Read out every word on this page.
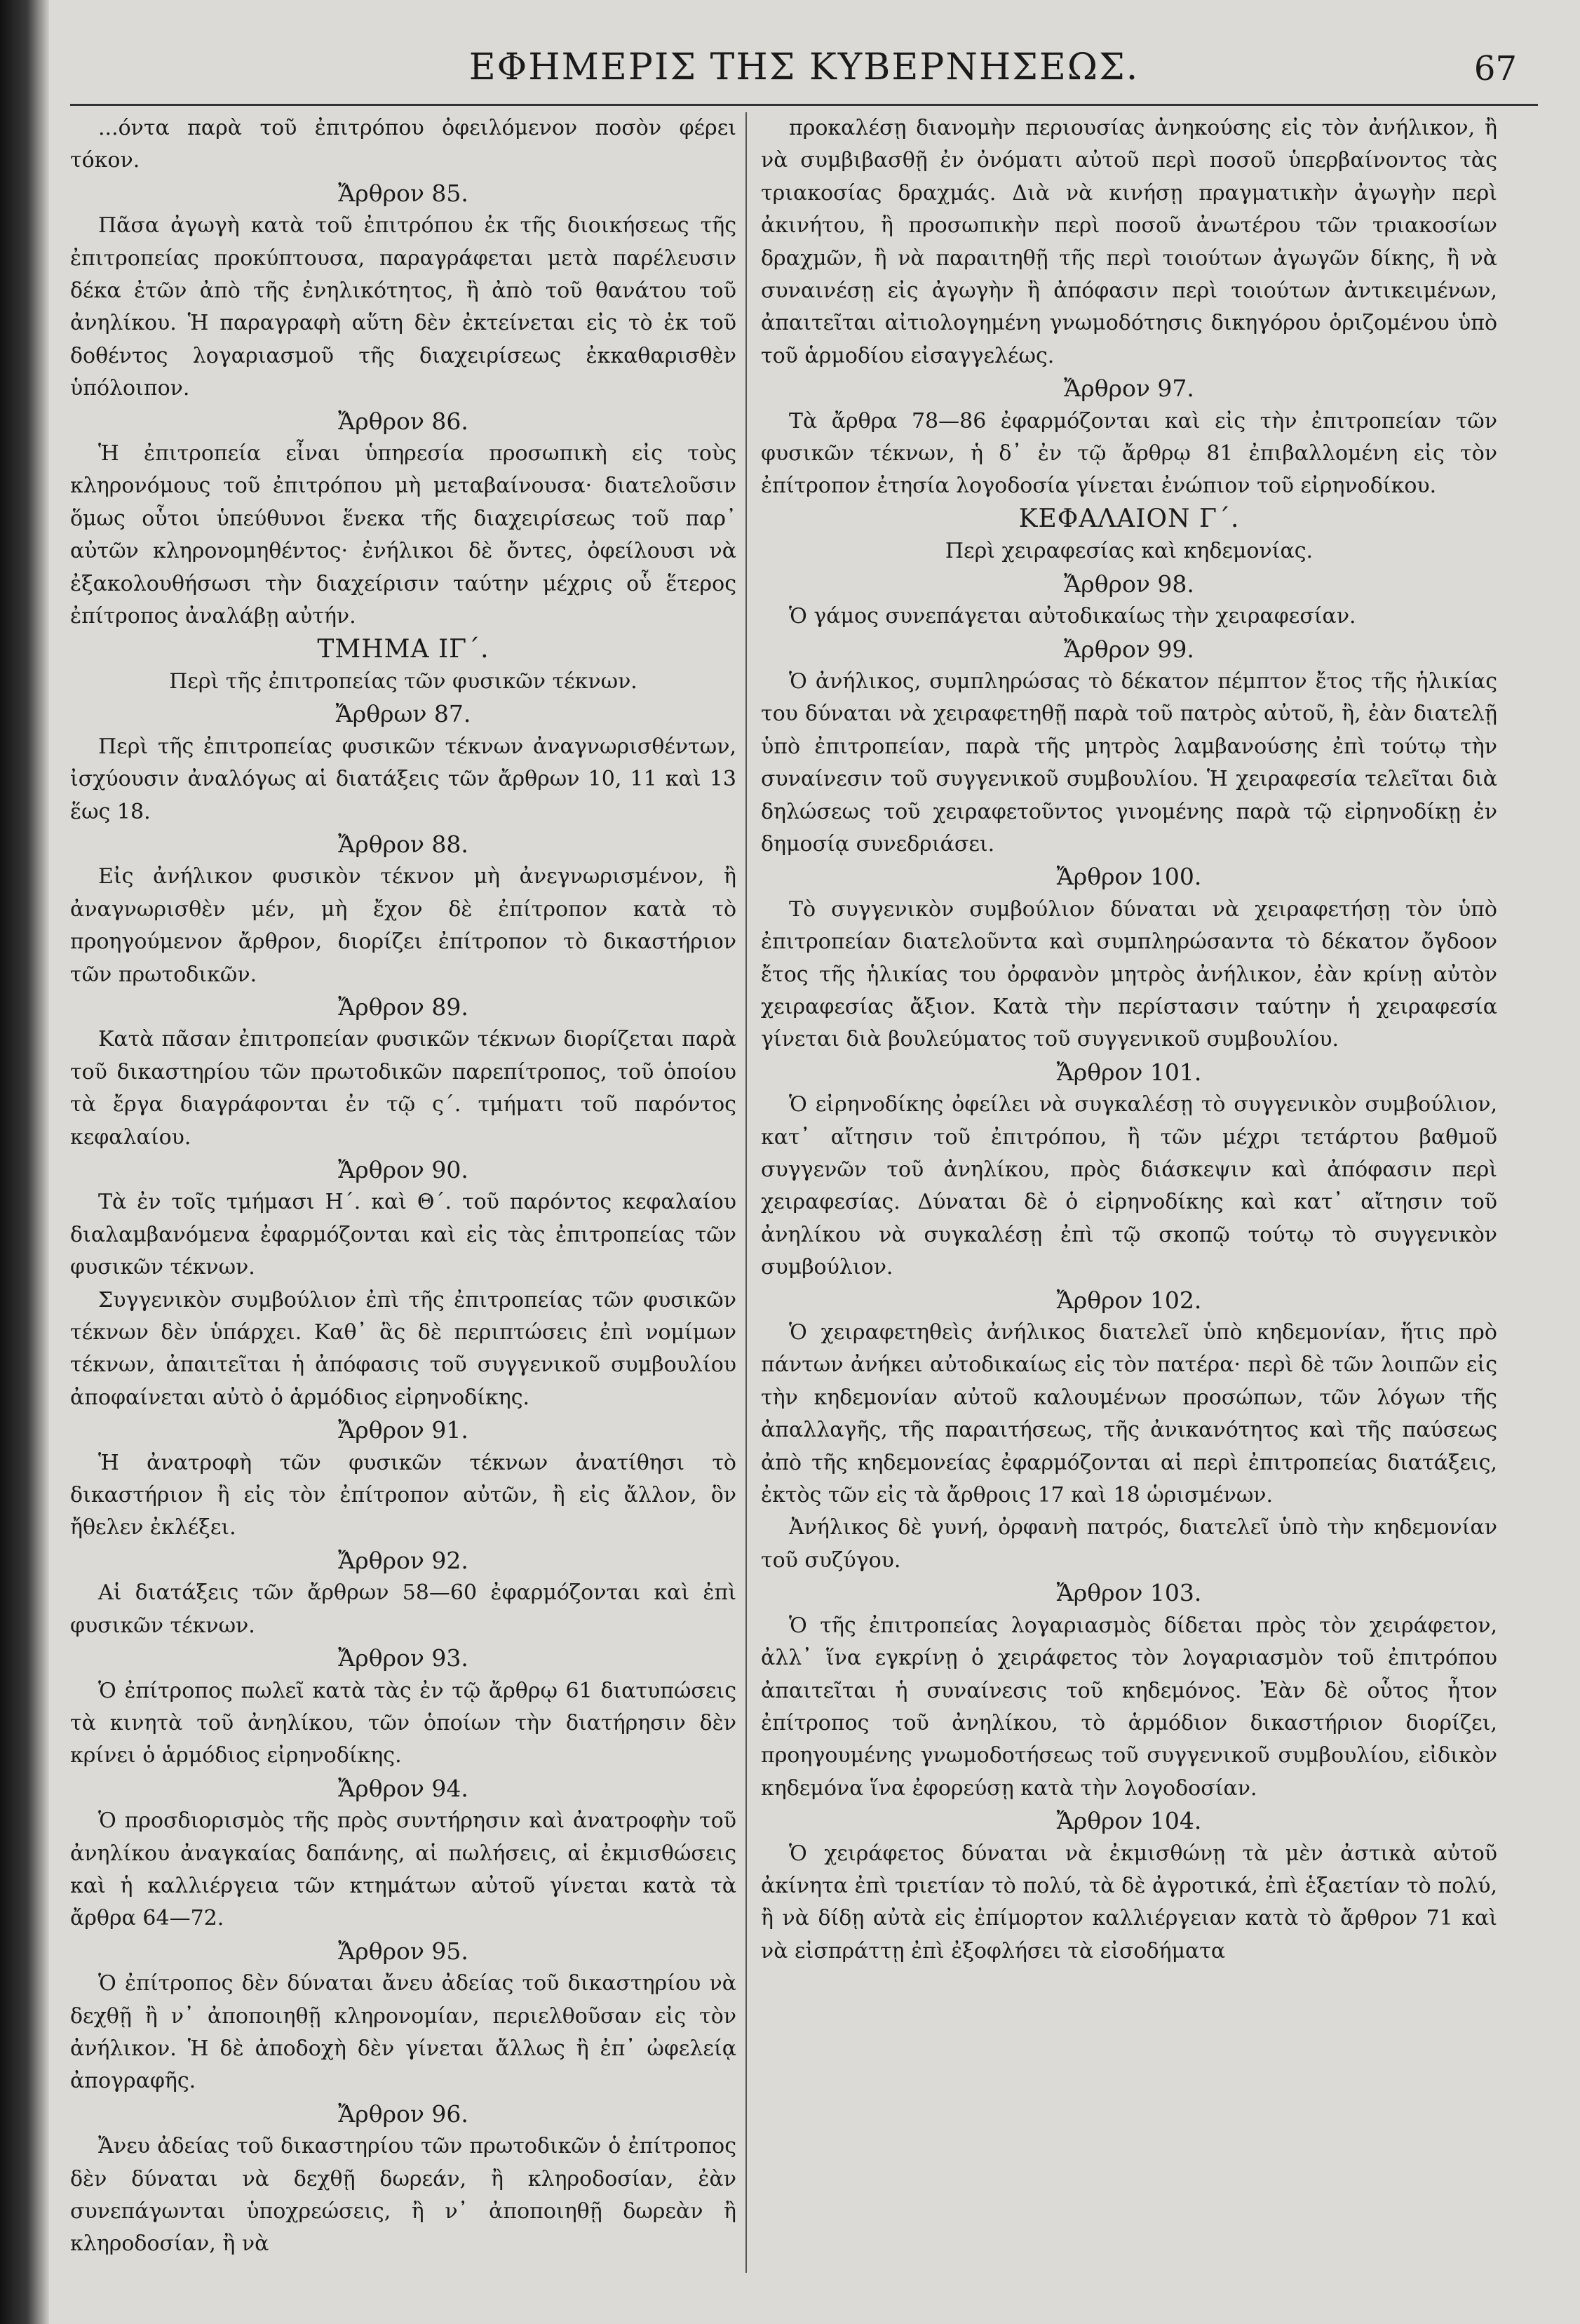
ΕΦΗΜΕΡΙΣ ΤΗΣ ΚΥΒΕΡΝΗΣΕΩΣ.	67

...όντα παρὰ τοῦ ἐπιτρόπου ὀφειλόμενον ποσὸν φέρει τόκον.

Ἄρθρον 85.

Πᾶσα ἀγωγὴ κατὰ τοῦ ἐπιτρόπου ἐκ τῆς διοικήσεως τῆς ἐπιτροπείας προκύπτουσα, παραγράφεται μετὰ παρέλευσιν δέκα ἐτῶν ἀπὸ τῆς ἐνηλικότητος, ἢ ἀπὸ τοῦ θανάτου τοῦ ἀνηλίκου. Ἡ παραγραφὴ αὕτη δὲν ἐκτείνεται εἰς τὸ ἐκ τοῦ δοθέντος λογαριασμοῦ τῆς διαχειρίσεως ἐκκαθαρισθὲν ὑπόλοιπον.

Ἄρθρον 86.

Ἡ ἐπιτροπεία εἶναι ὑπηρεσία προσωπικὴ εἰς τοὺς κληρονόμους τοῦ ἐπιτρόπου μὴ μεταβαίνουσα· διατελοῦσιν ὅμως οὗτοι ὑπεύθυνοι ἕνεκα τῆς διαχειρίσεως τοῦ παρ᾽ αὐτῶν κληρονομηθέντος· ἐνήλικοι δὲ ὄντες, ὀφείλουσι νὰ ἐξακολουθήσωσι τὴν διαχείρισιν ταύτην μέχρις οὗ ἕτερος ἐπίτροπος ἀναλάβῃ αὐτήν.

ΤΜΗΜΑ ΙΓ΄.

Περὶ τῆς ἐπιτροπείας τῶν φυσικῶν τέκνων.

Ἄρθρων 87.

Περὶ τῆς ἐπιτροπείας φυσικῶν τέκνων ἀναγνωρισθέντων, ἰσχύουσιν ἀναλόγως αἱ διατάξεις τῶν ἄρθρων 10, 11 καὶ 13 ἕως 18.

Ἄρθρον 88.

Εἰς ἀνήλικον φυσικὸν τέκνον μὴ ἀνεγνωρισμένον, ἢ ἀναγνωρισθὲν μέν, μὴ ἔχον δὲ ἐπίτροπον κατὰ τὸ προηγούμενον ἄρθρον, διορίζει ἐπίτροπον τὸ δικαστήριον τῶν πρωτοδικῶν.

Ἄρθρον 89.

Κατὰ πᾶσαν ἐπιτροπείαν φυσικῶν τέκνων διορίζεται παρὰ τοῦ δικαστηρίου τῶν πρωτοδικῶν παρεπίτροπος, τοῦ ὁποίου τὰ ἔργα διαγράφονται ἐν τῷ ς΄. τμήματι τοῦ παρόντος κεφαλαίου.

Ἄρθρον 90.

Τὰ ἐν τοῖς τμήμασι Η΄. καὶ Θ΄. τοῦ παρόντος κεφαλαίου διαλαμβανόμενα ἐφαρμόζονται καὶ εἰς τὰς ἐπιτροπείας τῶν φυσικῶν τέκνων.

Συγγενικὸν συμβούλιον ἐπὶ τῆς ἐπιτροπείας τῶν φυσικῶν τέκνων δὲν ὑπάρχει. Καθ᾽ ἃς δὲ περιπτώσεις ἐπὶ νομίμων τέκνων, ἀπαιτεῖται ἡ ἀπόφασις τοῦ συγγενικοῦ συμβουλίου ἀποφαίνεται αὐτὸ ὁ ἁρμόδιος εἰρηνοδίκης.

Ἄρθρον 91.

Ἡ ἀνατροφὴ τῶν φυσικῶν τέκνων ἀνατίθησι τὸ δικαστήριον ἢ εἰς τὸν ἐπίτροπον αὐτῶν, ἢ εἰς ἄλλον, ὃν ἤθελεν ἐκλέξει.

Ἄρθρον 92.

Αἱ διατάξεις τῶν ἄρθρων 58—60 ἐφαρμόζονται καὶ ἐπὶ φυσικῶν τέκνων.

Ἄρθρον 93.

Ὁ ἐπίτροπος πωλεῖ κατὰ τὰς ἐν τῷ ἄρθρῳ 61 διατυπώσεις τὰ κινητὰ τοῦ ἀνηλίκου, τῶν ὁποίων τὴν διατήρησιν δὲν κρίνει ὁ ἁρμόδιος εἰρηνοδίκης.

Ἄρθρον 94.

Ὁ προσδιορισμὸς τῆς πρὸς συντήρησιν καὶ ἀνατροφὴν τοῦ ἀνηλίκου ἀναγκαίας δαπάνης, αἱ πωλήσεις, αἱ ἐκμισθώσεις καὶ ἡ καλλιέργεια τῶν κτημάτων αὐτοῦ γίνεται κατὰ τὰ ἄρθρα 64—72.

Ἄρθρον 95.

Ὁ ἐπίτροπος δὲν δύναται ἄνευ ἀδείας τοῦ δικαστηρίου νὰ δεχθῇ ἢ ν᾽ ἀποποιηθῇ κληρονομίαν, περιελθοῦσαν εἰς τὸν ἀνήλικον. Ἡ δὲ ἀποδοχὴ δὲν γίνεται ἄλλως ἢ ἐπ᾽ ὠφελείᾳ ἀπογραφῆς.

Ἄρθρον 96.

Ἄνευ ἀδείας τοῦ δικαστηρίου τῶν πρωτοδικῶν ὁ ἐπίτροπος δὲν δύναται νὰ δεχθῇ δωρεάν, ἢ κληροδοσίαν, ἐὰν συνεπάγωνται ὑποχρεώσεις, ἢ ν᾽ ἀποποιηθῇ δωρεὰν ἢ κληροδοσίαν, ἢ νὰ

προκαλέσῃ διανομὴν περιουσίας ἀνηκούσης εἰς τὸν ἀνήλικον, ἢ νὰ συμβιβασθῇ ἐν ὀνόματι αὐτοῦ περὶ ποσοῦ ὑπερβαίνοντος τὰς τριακοσίας δραχμάς. Διὰ νὰ κινήσῃ πραγματικὴν ἀγωγὴν περὶ ἀκινήτου, ἢ προσωπικὴν περὶ ποσοῦ ἀνωτέρου τῶν τριακοσίων δραχμῶν, ἢ νὰ παραιτηθῇ τῆς περὶ τοιούτων ἀγωγῶν δίκης, ἢ νὰ συναινέσῃ εἰς ἀγωγὴν ἢ ἀπόφασιν περὶ τοιούτων ἀντικειμένων, ἀπαιτεῖται αἰτιολογημένη γνωμοδότησις δικηγόρου ὁριζομένου ὑπὸ τοῦ ἁρμοδίου εἰσαγγελέως.

Ἄρθρον 97.

Τὰ ἄρθρα 78—86 ἐφαρμόζονται καὶ εἰς τὴν ἐπιτροπείαν τῶν φυσικῶν τέκνων, ἡ δ᾽ ἐν τῷ ἄρθρῳ 81 ἐπιβαλλομένη εἰς τὸν ἐπίτροπον ἐτησία λογοδοσία γίνεται ἐνώπιον τοῦ εἰρηνοδίκου.

ΚΕΦΑΛΑΙΟΝ Γ΄.

Περὶ χειραφεσίας καὶ κηδεμονίας.

Ἄρθρον 98.

Ὁ γάμος συνεπάγεται αὐτοδικαίως τὴν χειραφεσίαν.

Ἄρθρον 99.

Ὁ ἀνήλικος, συμπληρώσας τὸ δέκατον πέμπτον ἔτος τῆς ἡλικίας του δύναται νὰ χειραφετηθῇ παρὰ τοῦ πατρὸς αὐτοῦ, ἢ, ἐὰν διατελῇ ὑπὸ ἐπιτροπείαν, παρὰ τῆς μητρὸς λαμβανούσης ἐπὶ τούτῳ τὴν συναίνεσιν τοῦ συγγενικοῦ συμβουλίου. Ἡ χειραφεσία τελεῖται διὰ δηλώσεως τοῦ χειραφετοῦντος γινομένης παρὰ τῷ εἰρηνοδίκῃ ἐν δημοσίᾳ συνεδριάσει.

Ἄρθρον 100.

Τὸ συγγενικὸν συμβούλιον δύναται νὰ χειραφετήσῃ τὸν ὑπὸ ἐπιτροπείαν διατελοῦντα καὶ συμπληρώσαντα τὸ δέκατον ὄγδοον ἔτος τῆς ἡλικίας του ὀρφανὸν μητρὸς ἀνήλικον, ἐὰν κρίνῃ αὐτὸν χειραφεσίας ἄξιον. Κατὰ τὴν περίστασιν ταύτην ἡ χειραφεσία γίνεται διὰ βουλεύματος τοῦ συγγενικοῦ συμβουλίου.

Ἄρθρον 101.

Ὁ εἰρηνοδίκης ὀφείλει νὰ συγκαλέσῃ τὸ συγγενικὸν συμβούλιον, κατ᾽ αἴτησιν τοῦ ἐπιτρόπου, ἢ τῶν μέχρι τετάρτου βαθμοῦ συγγενῶν τοῦ ἀνηλίκου, πρὸς διάσκεψιν καὶ ἀπόφασιν περὶ χειραφεσίας. Δύναται δὲ ὁ εἰρηνοδίκης καὶ κατ᾽ αἴτησιν τοῦ ἀνηλίκου νὰ συγκαλέσῃ ἐπὶ τῷ σκοπῷ τούτῳ τὸ συγγενικὸν συμβούλιον.

Ἄρθρον 102.

Ὁ χειραφετηθεὶς ἀνήλικος διατελεῖ ὑπὸ κηδεμονίαν, ἥτις πρὸ πάντων ἀνήκει αὐτοδικαίως εἰς τὸν πατέρα· περὶ δὲ τῶν λοιπῶν εἰς τὴν κηδεμονίαν αὐτοῦ καλουμένων προσώπων, τῶν λόγων τῆς ἀπαλλαγῆς, τῆς παραιτήσεως, τῆς ἀνικανότητος καὶ τῆς παύσεως ἀπὸ τῆς κηδεμονείας ἐφαρμόζονται αἱ περὶ ἐπιτροπείας διατάξεις, ἐκτὸς τῶν εἰς τὰ ἄρθροις 17 καὶ 18 ὡρισμένων.

Ἀνήλικος δὲ γυνή, ὀρφανὴ πατρός, διατελεῖ ὑπὸ τὴν κηδεμονίαν τοῦ συζύγου.

Ἄρθρον 103.

Ὁ τῆς ἐπιτροπείας λογαριασμὸς δίδεται πρὸς τὸν χειράφετον, ἀλλ᾽ ἵνα εγκρίνῃ ὁ χειράφετος τὸν λογαριασμὸν τοῦ ἐπιτρόπου ἀπαιτεῖται ἡ συναίνεσις τοῦ κηδεμόνος. Ἐὰν δὲ οὗτος ἦτον ἐπίτροπος τοῦ ἀνηλίκου, τὸ ἁρμόδιον δικαστήριον διορίζει, προηγουμένης γνωμοδοτήσεως τοῦ συγγενικοῦ συμβουλίου, εἰδικὸν κηδεμόνα ἵνα ἐφορεύσῃ κατὰ τὴν λογοδοσίαν.

Ἄρθρον 104.

Ὁ χειράφετος δύναται νὰ ἐκμισθώνῃ τὰ μὲν ἀστικὰ αὐτοῦ ἀκίνητα ἐπὶ τριετίαν τὸ πολύ, τὰ δὲ ἀγροτικά, ἐπὶ ἑξαετίαν τὸ πολύ, ἢ νὰ δίδῃ αὐτὰ εἰς ἐπίμορτον καλλιέργειαν κατὰ τὸ ἄρθρον 71 καὶ νὰ εἰσπράττῃ ἐπὶ ἐξοφλήσει τὰ εἰσοδήματα
